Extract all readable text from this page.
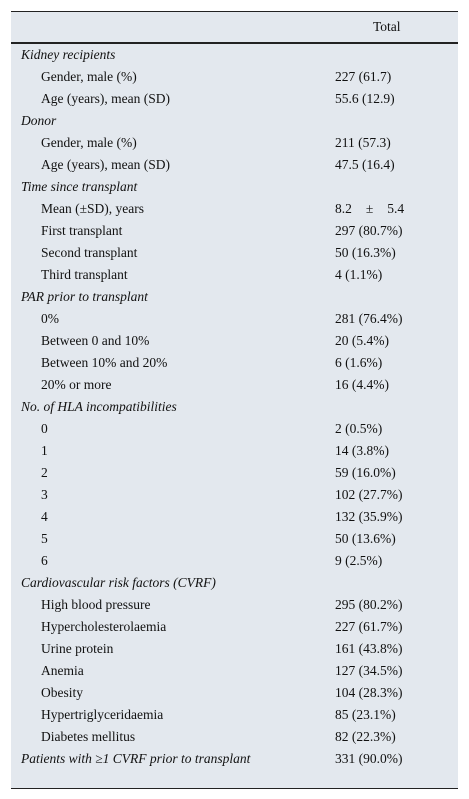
Total
Kidney recipients
Gender, male (%)	227 (61.7)
Age (years), mean (SD)	55.6 (12.9)
Donor
Gender, male (%)	211 (57.3)
Age (years), mean (SD)	47.5 (16.4)
Time since transplant
Mean (±SD), years	8.2 ± 5.4
First transplant	297 (80.7%)
Second transplant	50 (16.3%)
Third transplant	4 (1.1%)
PAR prior to transplant
0%	281 (76.4%)
Between 0 and 10%	20 (5.4%)
Between 10% and 20%	6 (1.6%)
20% or more	16 (4.4%)
No. of HLA incompatibilities
0	2 (0.5%)
1	14 (3.8%)
2	59 (16.0%)
3	102 (27.7%)
4	132 (35.9%)
5	50 (13.6%)
6	9 (2.5%)
Cardiovascular risk factors (CVRF)
High blood pressure	295 (80.2%)
Hypercholesterolaemia	227 (61.7%)
Urine protein	161 (43.8%)
Anemia	127 (34.5%)
Obesity	104 (28.3%)
Hypertriglyceridaemia	85 (23.1%)
Diabetes mellitus	82 (22.3%)
Patients with ≥1 CVRF prior to transplant	331 (90.0%)
